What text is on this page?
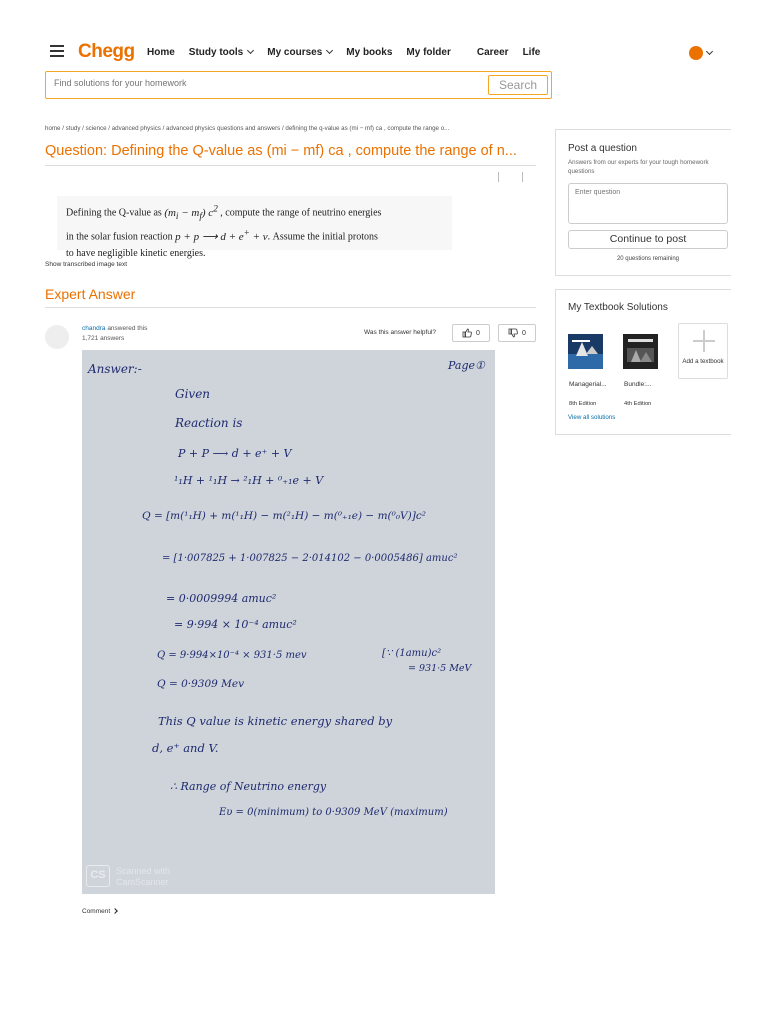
Chegg Home Study tools	My courses	My books My folder	Career Life
Find solutions for your homework
Search
home / study / science / advanced physics / advanced physics questions and answers / defining the q-value as (mi − mf) ca , compute the range o...
Question: Defining the Q-value as (mi − mf) ca , compute the range of n...
Defining the Q-value as $(m_i - m_f)$ $c^2$ , compute the range of neutrino energies
in the solar fusion reaction p + p ⟶ d + e+ + ν. Assume the initial protons
to have negligible kinetic energies.
Show transcribed image text
Expert Answer
chandra answered this
1,721 answers
Was this answer helpful?	0	0
Answer:-	Page①
Given
Reaction is
P + P ⟶ d + e⁺ + V
¹₁H + ¹₁H → ²₁H + ⁰₊₁e + V
Q = [m(¹₁H) + m(¹₁H) − m(²₁H) − m(⁰₊₁e) − m(⁰₀V)]c²
= [1·007825 + 1·007825 − 2·014102 − 0·0005486] amuc²
= 0·0009994 amuc²
= 9·994 × 10⁻⁴ amuc²
Q = 9·994×10⁻⁴ × 931·5 mev	[∵ (1amu)c²
= 931·5 MeV
Q = 0·9309 Mev
This Q value is kinetic energy shared by
d, e⁺ and V.
∴ Range of Neutrino energy
Eυ = 0(minimum) to 0·9309 MeV (maximum)
CS	Scanned with
CamScanner
Comment
Post a question
Answers from our experts for your tough homework questions
Enter question
Continue to post
20 questions remaining
My Textbook Solutions
Managerial...
8th Edition
Bundle:...
4th Edition
Add a textbook
View all solutions
